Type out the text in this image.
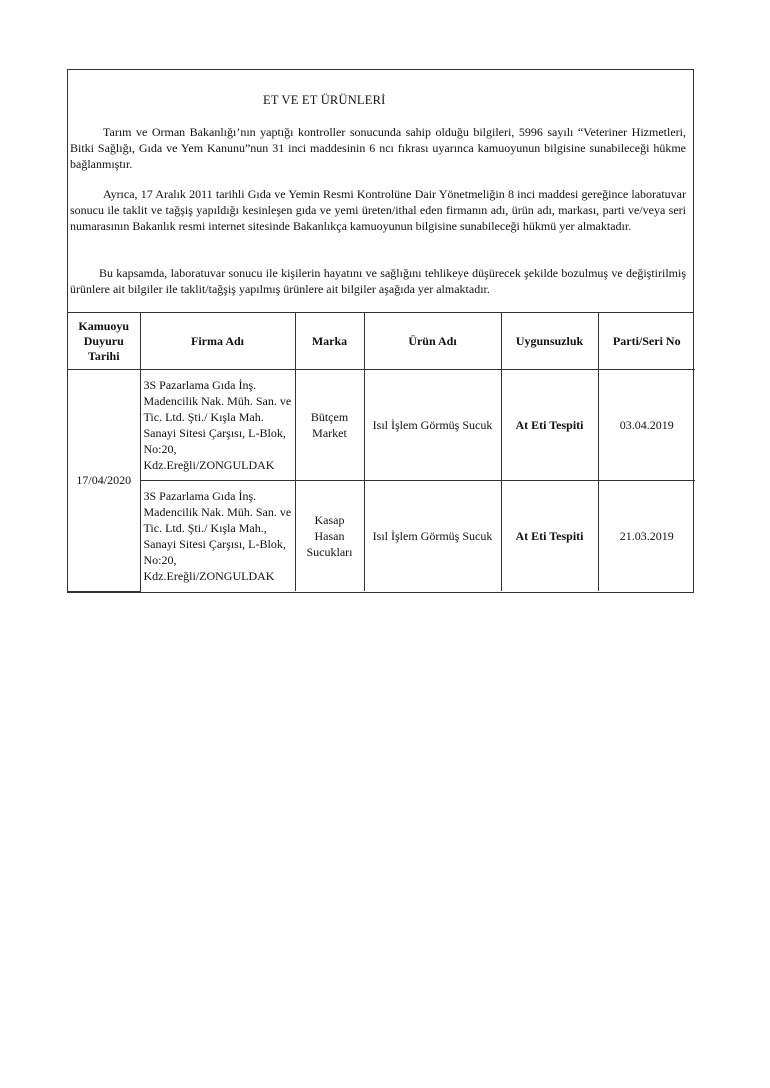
ET VE ET ÜRÜNLERİ

Tarım ve Orman Bakanlığı’nın yaptığı kontroller sonucunda sahip olduğu bilgileri, 5996 sayılı “Veteriner Hizmetleri, Bitki Sağlığı, Gıda ve Yem Kanunu”nun 31 inci maddesinin 6 ncı fıkrası uyarınca kamuoyunun bilgisine sunabileceği hükme bağlanmıştır.

Ayrıca, 17 Aralık 2011 tarihli Gıda ve Yemin Resmi Kontrolüne Dair Yönetmeliğin 8 inci maddesi gereğince laboratuvar sonucu ile taklit ve tağşiş yapıldığı kesinleşen gıda ve yemi üreten/ithal eden firmanın adı, ürün adı, markası, parti ve/veya seri numarasının Bakanlık resmi internet sitesinde Bakanlıkça kamuoyunun bilgisine sunabileceği hükmü yer almaktadır.

Bu kapsamda, laboratuvar sonucu ile kişilerin hayatını ve sağlığını tehlikeye düşürecek şekilde bozulmuş ve değiştirilmiş ürünlere ait bilgiler ile taklit/tağşiş yapılmış ürünlere ait bilgiler aşağıda yer almaktadır.

Kamuoyu Duyuru Tarihi	Firma Adı	Marka	Ürün Adı	Uygunsuzluk	Parti/Seri No
17/04/2020	3S Pazarlama Gıda İnş. Madencilik Nak. Müh. San. ve Tic. Ltd. Şti./ Kışla Mah. Sanayi Sitesi Çarşısı, L-Blok, No:20, Kdz.Ereğli/ZONGULDAK	Bütçem Market	Isıl İşlem Görmüş Sucuk	At Eti Tespiti	03.04.2019
	3S Pazarlama Gıda İnş. Madencilik Nak. Müh. San. ve Tic. Ltd. Şti./ Kışla Mah., Sanayi Sitesi Çarşısı, L-Blok, No:20, Kdz.Ereğli/ZONGULDAK	Kasap Hasan Sucukları	Isıl İşlem Görmüş Sucuk	At Eti Tespiti	21.03.2019
